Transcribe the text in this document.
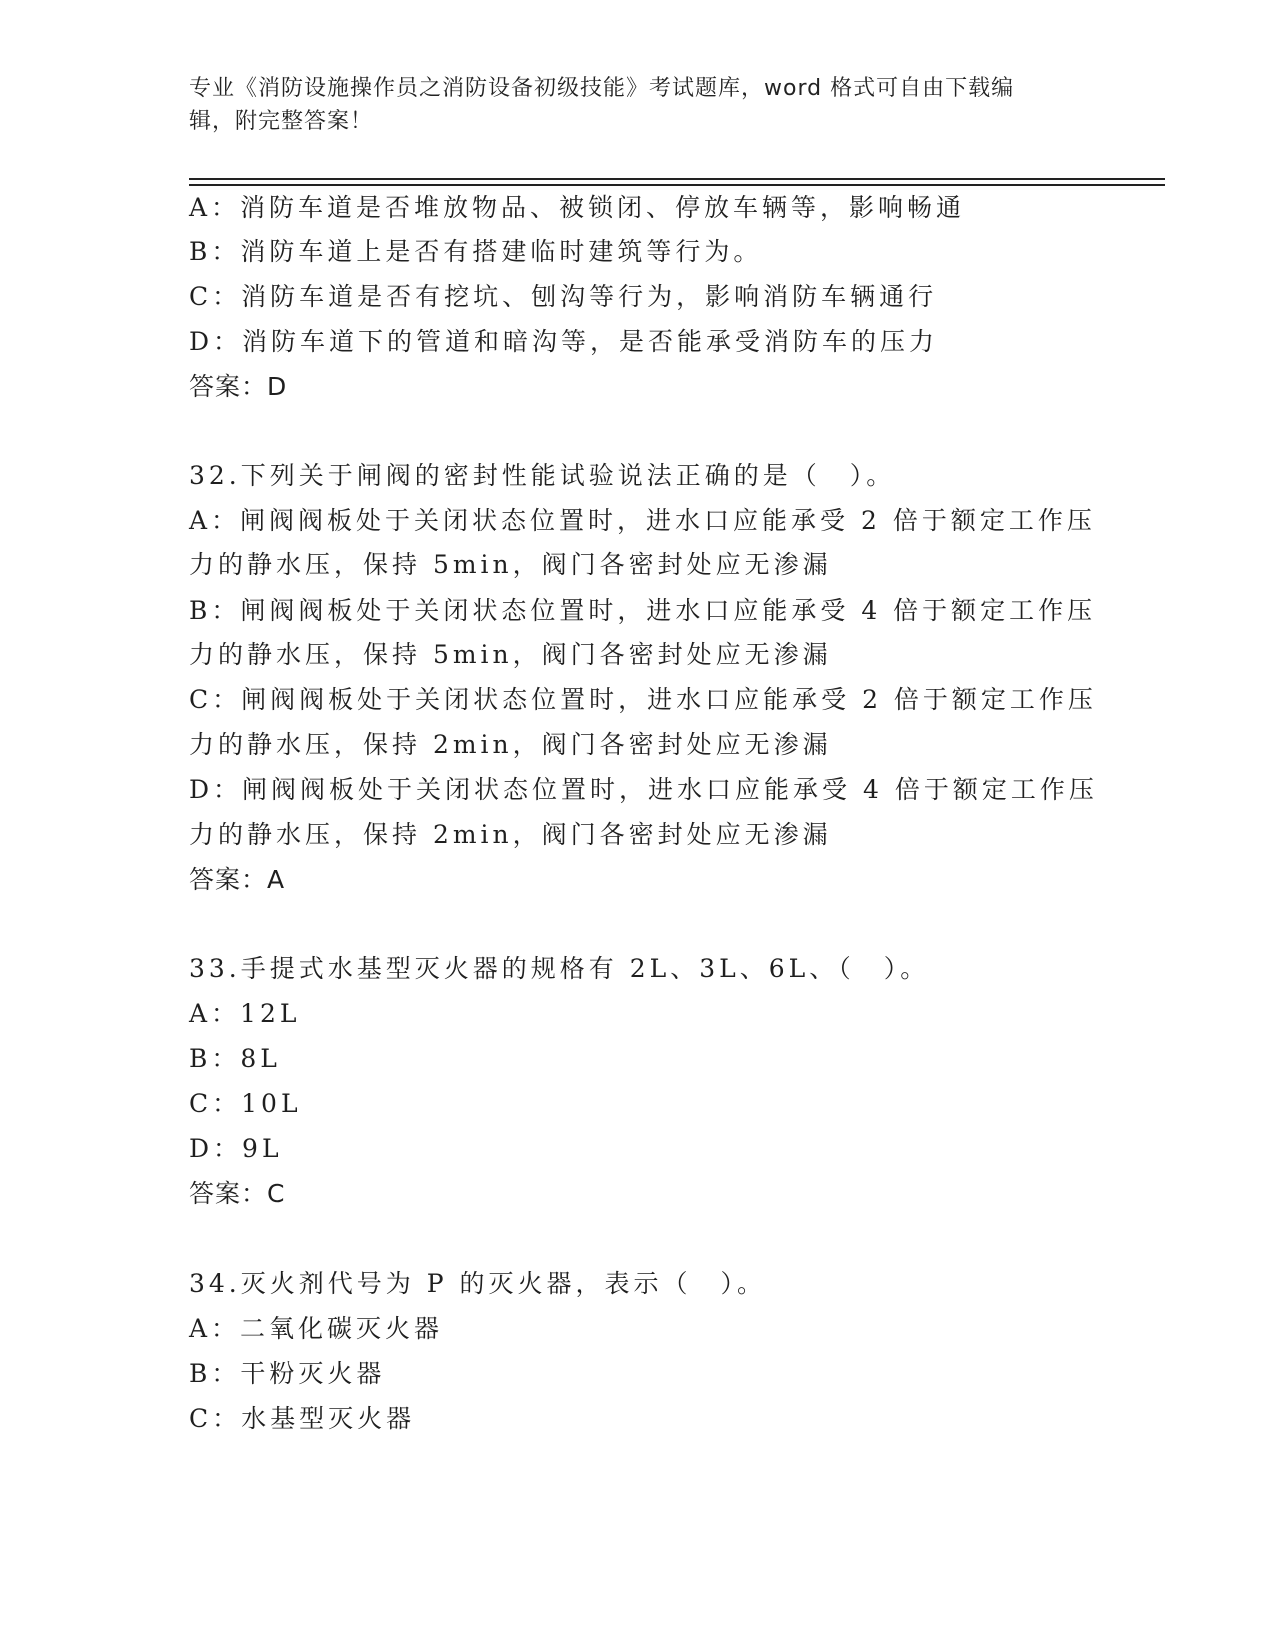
专业《消防设施操作员之消防设备初级技能》考试题库，word 格式可自由下载编
辑，附完整答案！
A：消防车道是否堆放物品、被锁闭、停放车辆等，影响畅通
B：消防车道上是否有搭建临时建筑等行为。
C：消防车道是否有挖坑、刨沟等行为，影响消防车辆通行
D：消防车道下的管道和暗沟等，是否能承受消防车的压力
答案：D
32.下列关于闸阀的密封性能试验说法正确的是（　）。
A：闸阀阀板处于关闭状态位置时，进水口应能承受 2 倍于额定工作压
力的静水压，保持 5min，阀门各密封处应无渗漏
B：闸阀阀板处于关闭状态位置时，进水口应能承受 4 倍于额定工作压
力的静水压，保持 5min，阀门各密封处应无渗漏
C：闸阀阀板处于关闭状态位置时，进水口应能承受 2 倍于额定工作压
力的静水压，保持 2min，阀门各密封处应无渗漏
D：闸阀阀板处于关闭状态位置时，进水口应能承受 4 倍于额定工作压
力的静水压，保持 2min，阀门各密封处应无渗漏
答案：A
33.手提式水基型灭火器的规格有 2L、3L、6L、（　）。
A：12L
B：8L
C：10L
D：9L
答案：C
34.灭火剂代号为 P 的灭火器，表示（　）。
A：二氧化碳灭火器
B：干粉灭火器
C：水基型灭火器
